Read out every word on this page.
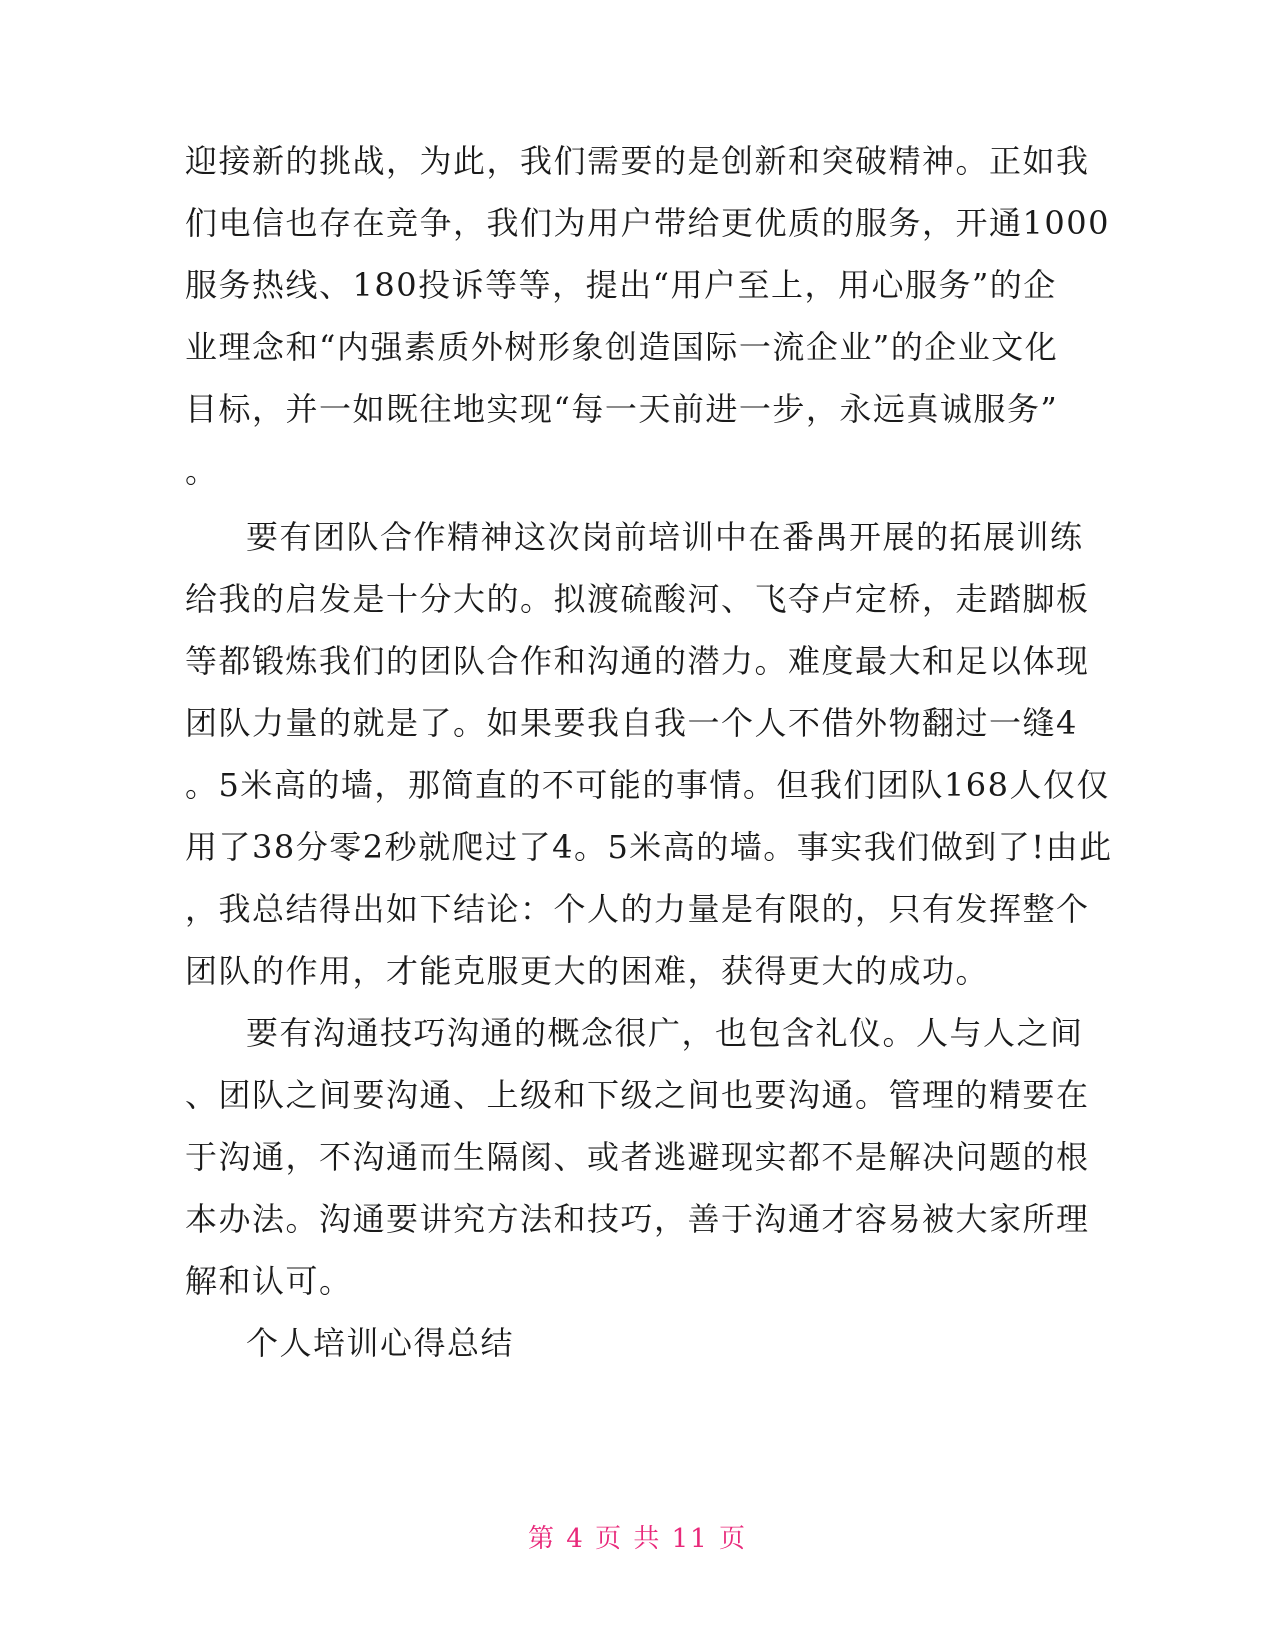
迎接新的挑战，为此，我们需要的是创新和突破精神。正如我
们电信也存在竞争，我们为用户带给更优质的服务，开通1000
服务热线、180投诉等等，提出“用户至上，用心服务”的企
业理念和“内强素质外树形象创造国际一流企业”的企业文化
目标，并一如既往地实现“每一天前进一步，永远真诚服务”
。
要有团队合作精神这次岗前培训中在番禺开展的拓展训练
给我的启发是十分大的。拟渡硫酸河、飞夺卢定桥，走踏脚板
等都锻炼我们的团队合作和沟通的潜力。难度最大和足以体现
团队力量的就是了。如果要我自我一个人不借外物翻过一缝4
。5米高的墙，那简直的不可能的事情。但我们团队168人仅仅
用了38分零2秒就爬过了4。5米高的墙。事实我们做到了!由此
，我总结得出如下结论：个人的力量是有限的，只有发挥整个
团队的作用，才能克服更大的困难，获得更大的成功。
要有沟通技巧沟通的概念很广，也包含礼仪。人与人之间
、团队之间要沟通、上级和下级之间也要沟通。管理的精要在
于沟通，不沟通而生隔阂、或者逃避现实都不是解决问题的根
本办法。沟通要讲究方法和技巧，善于沟通才容易被大家所理
解和认可。
个人培训心得总结
第 4 页 共 11 页
